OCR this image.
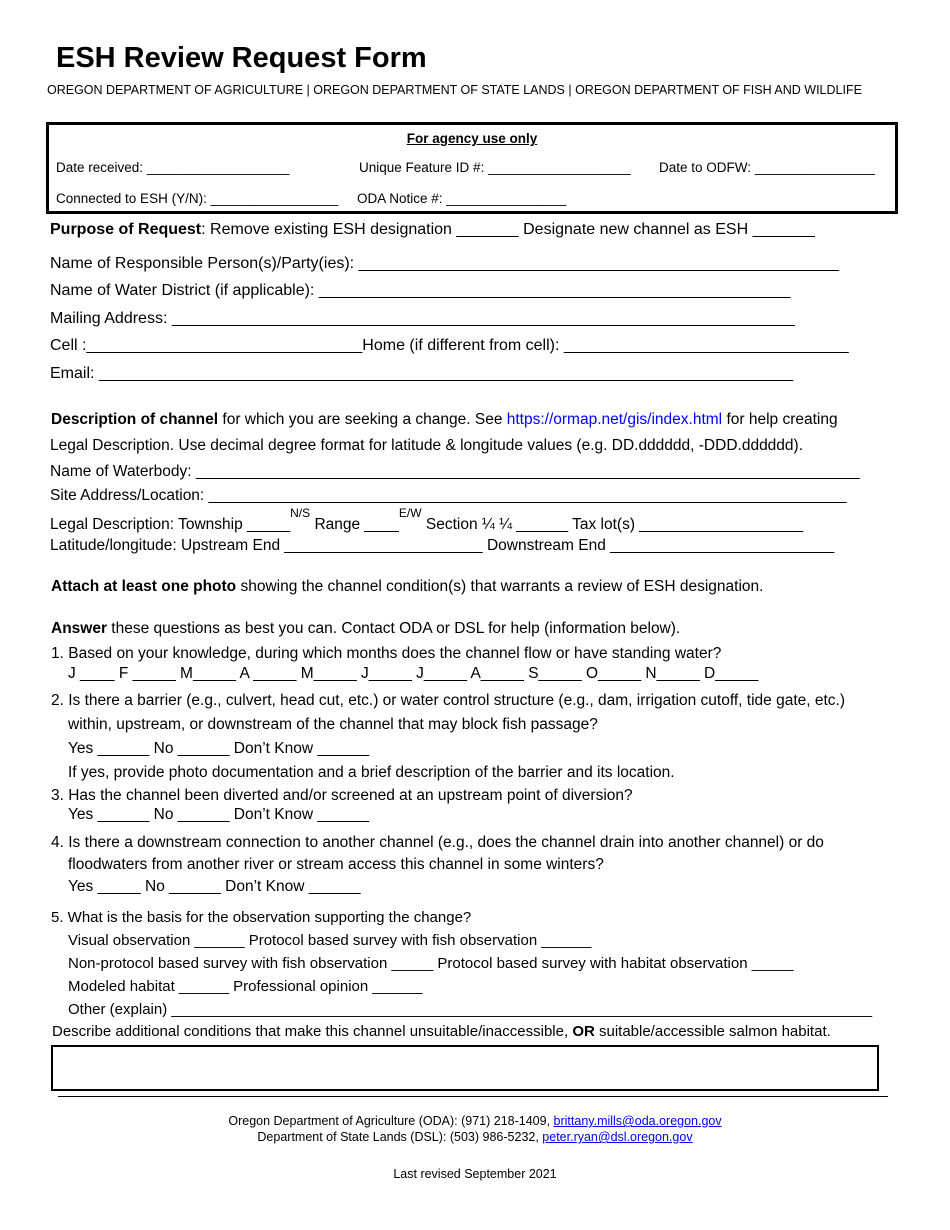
ESH Review Request Form
OREGON DEPARTMENT OF AGRICULTURE | OREGON DEPARTMENT OF STATE LANDS | OREGON DEPARTMENT OF FISH AND WILDLIFE
For agency use only
Date received: ___________________	Unique Feature ID #: ___________________ Date to ODFW: ________________
Connected to ESH (Y/N): _________________ ODA Notice #: ________________
Purpose of Request: Remove existing ESH designation _______ Designate new channel as ESH _______
Name of Responsible Person(s)/Party(ies): ______________________________________________________
Name of Water District (if applicable): _____________________________________________________
Mailing Address: ______________________________________________________________________
Cell :_______________________________Home (if different from cell): ________________________________
Email: ______________________________________________________________________________
Description of channel for which you are seeking a change. See https://ormap.net/gis/index.html for help creating
Legal Description. Use decimal degree format for latitude & longitude values (e.g. DD.dddddd, -DDD.dddddd).
Name of Waterbody: _____________________________________________________________________________
Site Address/Location: __________________________________________________________________________
Legal Description: Township _____$^{N/S}$ Range ____$^{E/W}$ Section ¼ ¼ ______ Tax lot(s) ___________________
Latitude/longitude: Upstream End _______________________ Downstream End __________________________
Attach at least one photo showing the channel condition(s) that warrants a review of ESH designation.
Answer these questions as best you can. Contact ODA or DSL for help (information below).
1. Based on your knowledge, during which months does the channel flow or have standing water?
J ____ F _____ M_____ A _____ M_____ J_____ J_____ A_____ S_____ O_____ N_____ D_____
2. Is there a barrier (e.g., culvert, head cut, etc.) or water control structure (e.g., dam, irrigation cutoff, tide gate, etc.)
within, upstream, or downstream of the channel that may block fish passage?
Yes ______ No ______ Don’t Know ______
If yes, provide photo documentation and a brief description of the barrier and its location.
3. Has the channel been diverted and/or screened at an upstream point of diversion?
Yes ______ No ______ Don’t Know ______
4. Is there a downstream connection to another channel (e.g., does the channel drain into another channel) or do
floodwaters from another river or stream access this channel in some winters?
Yes _____ No ______ Don’t Know ______
5. What is the basis for the observation supporting the change?
Visual observation ______ Protocol based survey with fish observation ______
Non-protocol based survey with fish observation _____ Protocol based survey with habitat observation _____
Modeled habitat ______ Professional opinion ______
Other (explain) ____________________________________________________________________________________
Describe additional conditions that make this channel unsuitable/inaccessible, OR suitable/accessible salmon habitat.
Oregon Department of Agriculture (ODA): (971) 218-1409, brittany.mills@oda.oregon.gov
Department of State Lands (DSL): (503) 986-5232, peter.ryan@dsl.oregon.gov
Last revised September 2021
